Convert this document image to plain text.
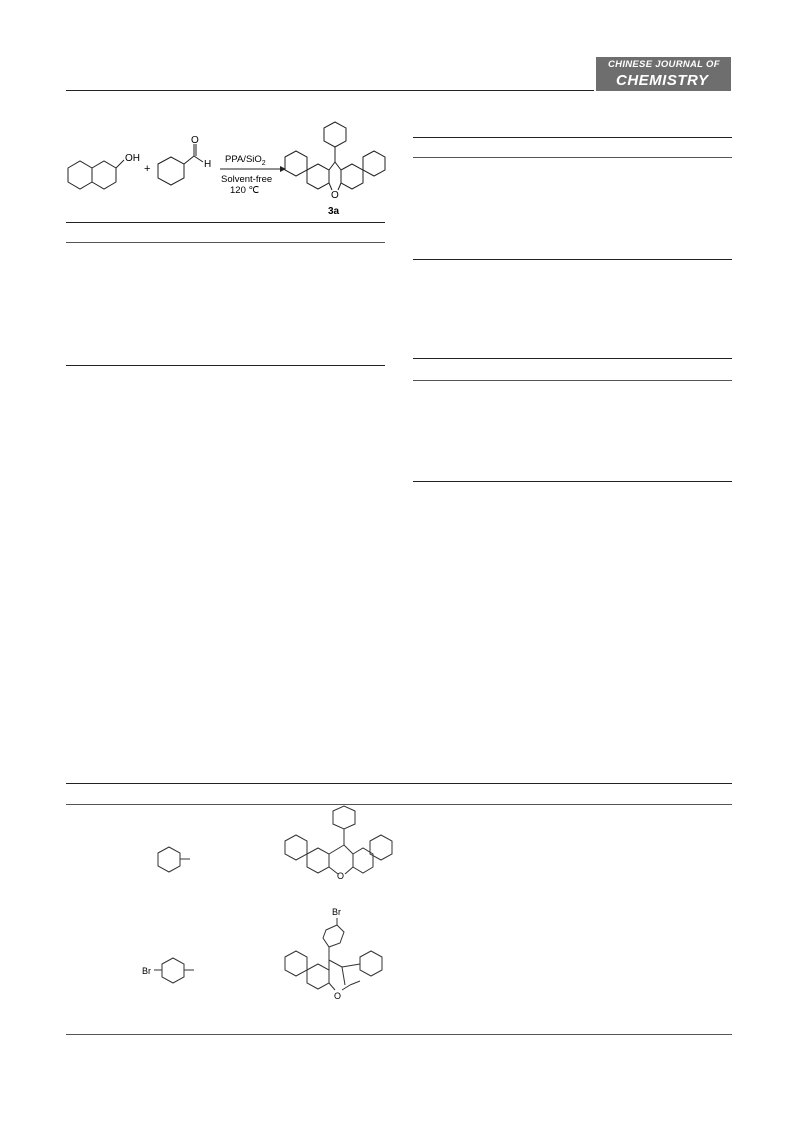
CHINESE JOURNAL OF
CHEMISTRY
OH
+
O
H PPA/SiO$_2$
Solvent-free
120 ℃	O
3a
O
Br
Br
O
